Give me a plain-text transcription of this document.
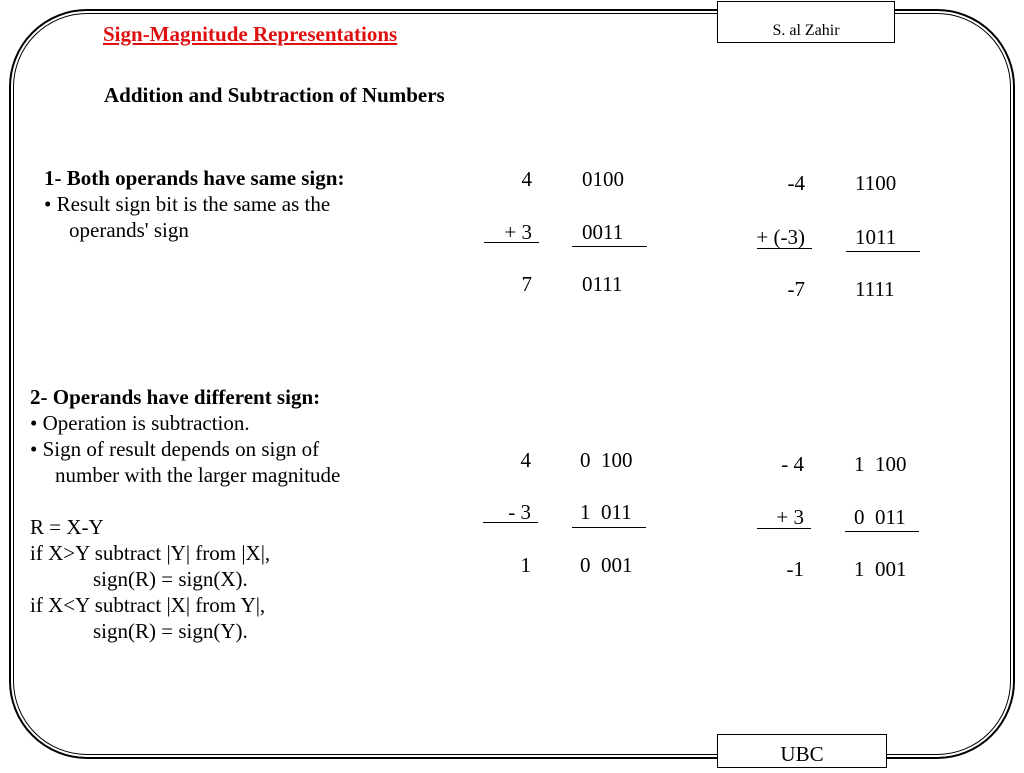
S. al Zahir
Sign-Magnitude Representations
Addition and Subtraction of Numbers
1- Both operands have same sign:
• Result sign bit is the same as the
operands' sign
4 0100
+ 3 0011
7 0111
-4 1100
+ (-3) 1011
-7 1111
2- Operands have different sign:
• Operation is subtraction.
• Sign of result depends on sign of
number with the larger magnitude
R = X-Y
if X>Y subtract |Y| from |X|,
sign(R) = sign(X).
if X<Y subtract |X| from Y|,
sign(R) = sign(Y).
4 0  100
- 3 1  011
1 0  001
- 4 1  100
+ 3 0  011
-1 1  001
UBC
